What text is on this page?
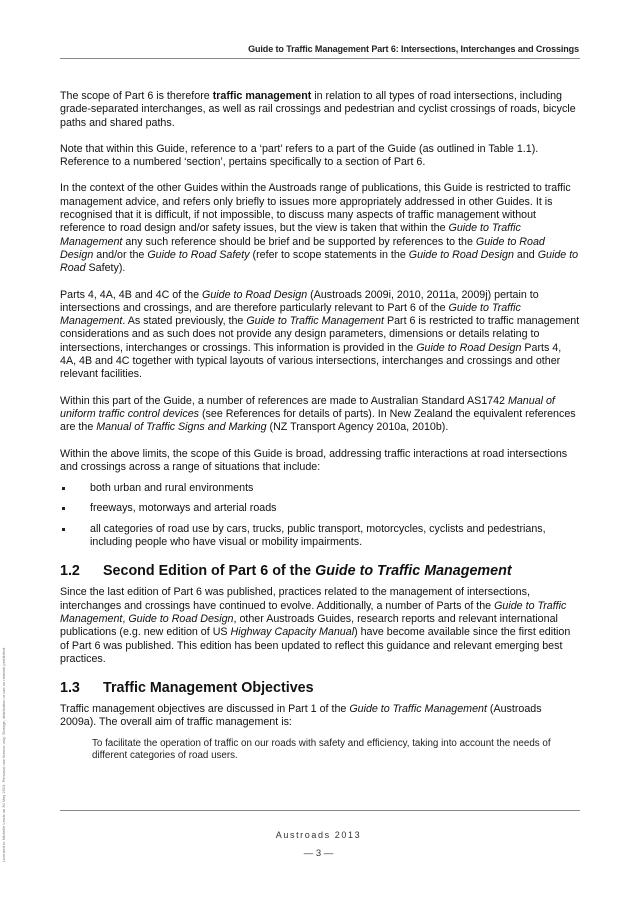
Guide to Traffic Management Part 6: Intersections, Interchanges and Crossings
Licensed to Michelle Lewis on 30 May 2013. Personal use licence only. Storage, distribution or use on network prohibited.

The scope of Part 6 is therefore traffic management in relation to all types of road intersections, including grade-separated interchanges, as well as rail crossings and pedestrian and cyclist crossings of roads, bicycle paths and shared paths.

Note that within this Guide, reference to a ‘part’ refers to a part of the Guide (as outlined in Table 1.1). Reference to a numbered ‘section’, pertains specifically to a section of Part 6.

In the context of the other Guides within the Austroads range of publications, this Guide is restricted to traffic management advice, and refers only briefly to issues more appropriately addressed in other Guides. It is recognised that it is difficult, if not impossible, to discuss many aspects of traffic management without reference to road design and/or safety issues, but the view is taken that within the Guide to Traffic Management any such reference should be brief and be supported by references to the Guide to Road Design and/or the Guide to Road Safety (refer to scope statements in the Guide to Road Design and Guide to Road Safety).

Parts 4, 4A, 4B and 4C of the Guide to Road Design (Austroads 2009i, 2010, 2011a, 2009j) pertain to intersections and crossings, and are therefore particularly relevant to Part 6 of the Guide to Traffic Management. As stated previously, the Guide to Traffic Management Part 6 is restricted to traffic management considerations and as such does not provide any design parameters, dimensions or details relating to intersections, interchanges or crossings. This information is provided in the Guide to Road Design Parts 4, 4A, 4B and 4C together with typical layouts of various intersections, interchanges and crossings and other relevant facilities.

Within this part of the Guide, a number of references are made to Australian Standard AS1742 Manual of uniform traffic control devices (see References for details of parts). In New Zealand the equivalent references are the Manual of Traffic Signs and Marking (NZ Transport Agency 2010a, 2010b).

Within the above limits, the scope of this Guide is broad, addressing traffic interactions at road intersections and crossings across a range of situations that include:

both urban and rural environments
freeways, motorways and arterial roads
all categories of road use by cars, trucks, public transport, motorcycles, cyclists and pedestrians, including people who have visual or mobility impairments.
1.2	Second Edition of Part 6 of the Guide to Traffic Management

Since the last edition of Part 6 was published, practices related to the management of intersections, interchanges and crossings have continued to evolve. Additionally, a number of Parts of the Guide to Traffic Management, Guide to Road Design, other Austroads Guides, research reports and relevant international publications (e.g. new edition of US Highway Capacity Manual) have become available since the first edition of Part 6 was published. This edition has been updated to reflect this guidance and relevant emerging best practices.

1.3	Traffic Management Objectives

Traffic management objectives are discussed in Part 1 of the Guide to Traffic Management (Austroads 2009a). The overall aim of traffic management is:

To facilitate the operation of traffic on our roads with safety and efficiency, taking into account the needs of different categories of road users.

Austroads 2013
— 3 —
